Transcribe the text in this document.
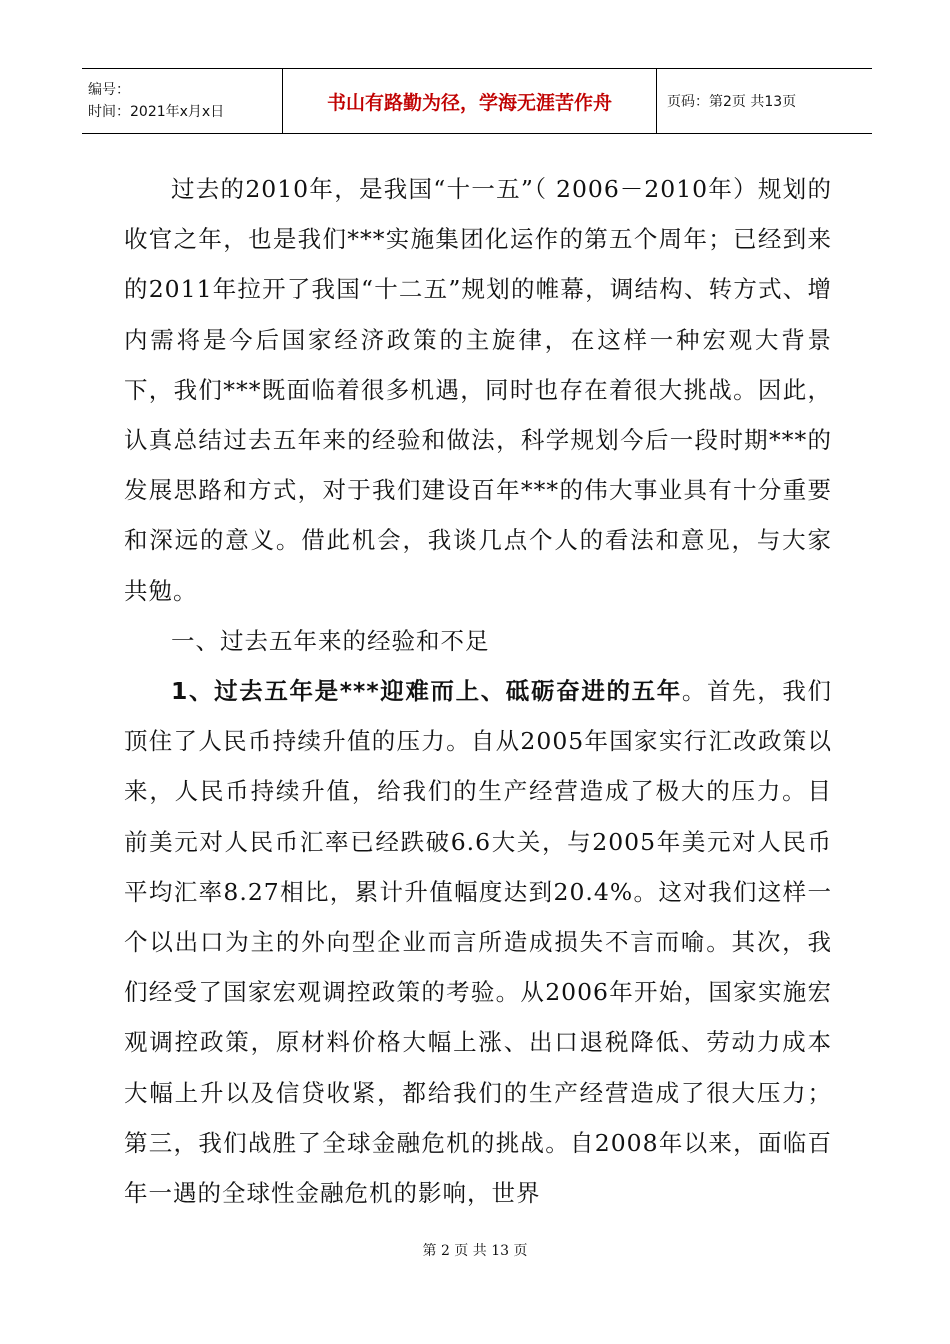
编号：
时间：2021年x月x日	书山有路勤为径，学海无涯苦作舟	页码：第2页 共13页

过去的2010年，是我国“十一五”（ 2006－2010年）规划的收官之年，也是我们***实施集团化运作的第五个周年；已经到来的2011年拉开了我国“十二五”规划的帷幕，调结构、转方式、增内需将是今后国家经济政策的主旋律，在这样一种宏观大背景下，我们***既面临着很多机遇，同时也存在着很大挑战。因此，认真总结过去五年来的经验和做法，科学规划今后一段时期***的发展思路和方式，对于我们建设百年***的伟大事业具有十分重要和深远的意义。借此机会，我谈几点个人的看法和意见，与大家共勉。

一、过去五年来的经验和不足

1、过去五年是***迎难而上、砥砺奋进的五年。首先，我们顶住了人民币持续升值的压力。自从2005年国家实行汇改政策以来，人民币持续升值，给我们的生产经营造成了极大的压力。目前美元对人民币汇率已经跌破6.6大关，与2005年美元对人民币平均汇率8.27相比，累计升值幅度达到20.4%。这对我们这样一个以出口为主的外向型企业而言所造成损失不言而喻。其次，我们经受了国家宏观调控政策的考验。从2006年开始，国家实施宏观调控政策，原材料价格大幅上涨、出口退税降低、劳动力成本大幅上升以及信贷收紧，都给我们的生产经营造成了很大压力；第三，我们战胜了全球金融危机的挑战。自2008年以来，面临百年一遇的全球性金融危机的影响，世界

第 2 页 共 13 页
